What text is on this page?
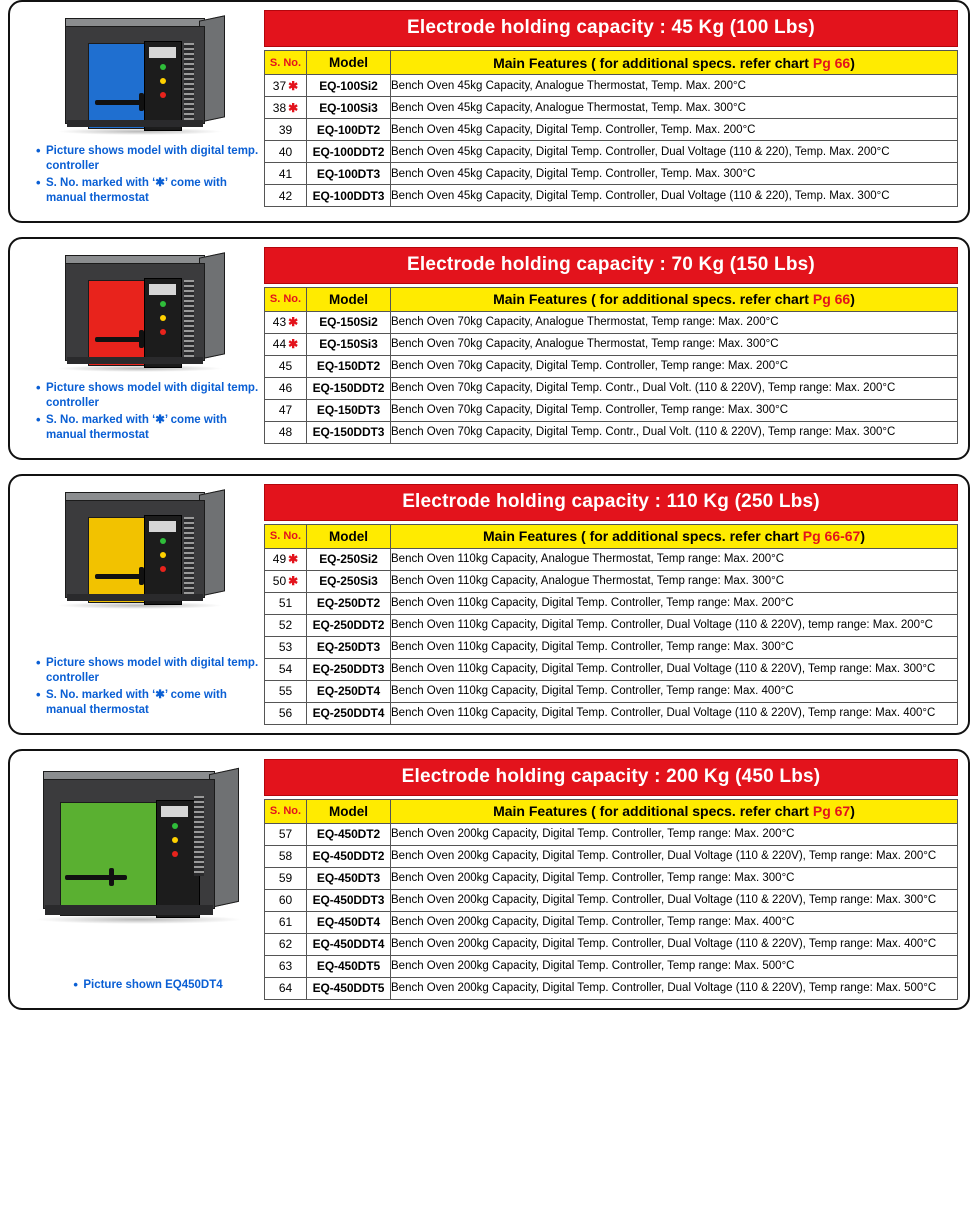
• Picture shows model with digital temp. controller
• S. No. marked with ‘✱’ come with manual thermostat
Electrode holding capacity : 45 Kg (100 Lbs)
S. No.	Model	Main Features ( for additional specs. refer chart Pg 66)
37 ✱	EQ-100Si2	Bench Oven 45kg Capacity, Analogue Thermostat, Temp. Max. 200°C
38 ✱	EQ-100Si3	Bench Oven 45kg Capacity, Analogue Thermostat, Temp. Max. 300°C
39	EQ-100DT2	Bench Oven 45kg Capacity, Digital Temp. Controller, Temp. Max. 200°C
40	EQ-100DDT2	Bench Oven 45kg Capacity, Digital Temp. Controller, Dual Voltage (110 & 220), Temp. Max. 200°C
41	EQ-100DT3	Bench Oven 45kg Capacity, Digital Temp. Controller, Temp. Max. 300°C
42	EQ-100DDT3	Bench Oven 45kg Capacity, Digital Temp. Controller, Dual Voltage (110 & 220), Temp. Max. 300°C
• Picture shows model with digital temp. controller
• S. No. marked with ‘✱’ come with manual thermostat
Electrode holding capacity : 70 Kg (150 Lbs)
S. No.	Model	Main Features ( for additional specs. refer chart Pg 66)
43 ✱	EQ-150Si2	Bench Oven 70kg Capacity, Analogue Thermostat, Temp range: Max. 200°C
44 ✱	EQ-150Si3	Bench Oven 70kg Capacity, Analogue Thermostat, Temp range: Max. 300°C
45	EQ-150DT2	Bench Oven 70kg Capacity, Digital Temp. Controller, Temp range: Max. 200°C
46	EQ-150DDT2	Bench Oven 70kg Capacity, Digital Temp. Contr., Dual Volt. (110 & 220V), Temp range: Max. 200°C
47	EQ-150DT3	Bench Oven 70kg Capacity, Digital Temp. Controller, Temp range: Max. 300°C
48	EQ-150DDT3	Bench Oven 70kg Capacity, Digital Temp. Contr., Dual Volt. (110 & 220V), Temp range: Max. 300°C
• Picture shows model with digital temp. controller
• S. No. marked with ‘✱’ come with manual thermostat
Electrode holding capacity : 110 Kg (250 Lbs)
S. No.	Model	Main Features ( for additional specs. refer chart Pg 66-67)
49 ✱	EQ-250Si2	Bench Oven 110kg Capacity, Analogue Thermostat, Temp range: Max. 200°C
50 ✱	EQ-250Si3	Bench Oven 110kg Capacity, Analogue Thermostat, Temp range: Max. 300°C
51	EQ-250DT2	Bench Oven 110kg Capacity, Digital Temp. Controller, Temp range: Max. 200°C
52	EQ-250DDT2	Bench Oven 110kg Capacity, Digital Temp. Controller, Dual Voltage (110 & 220V), temp range: Max. 200°C
53	EQ-250DT3	Bench Oven 110kg Capacity, Digital Temp. Controller, Temp range: Max. 300°C
54	EQ-250DDT3	Bench Oven 110kg Capacity, Digital Temp. Controller, Dual Voltage (110 & 220V), Temp range: Max. 300°C
55	EQ-250DT4	Bench Oven 110kg Capacity, Digital Temp. Controller, Temp range: Max. 400°C
56	EQ-250DDT4	Bench Oven 110kg Capacity, Digital Temp. Controller, Dual Voltage (110 & 220V), Temp range: Max. 400°C
• Picture shown EQ450DT4
Electrode holding capacity : 200 Kg (450 Lbs)
S. No.	Model	Main Features ( for additional specs. refer chart Pg 67)
57	EQ-450DT2	Bench Oven 200kg Capacity, Digital Temp. Controller, Temp range: Max. 200°C
58	EQ-450DDT2	Bench Oven 200kg Capacity, Digital Temp. Controller, Dual Voltage (110 & 220V), Temp range: Max. 200°C
59	EQ-450DT3	Bench Oven 200kg Capacity, Digital Temp. Controller, Temp range: Max. 300°C
60	EQ-450DDT3	Bench Oven 200kg Capacity, Digital Temp. Controller, Dual Voltage (110 & 220V), Temp range: Max. 300°C
61	EQ-450DT4	Bench Oven 200kg Capacity, Digital Temp. Controller, Temp range: Max. 400°C
62	EQ-450DDT4	Bench Oven 200kg Capacity, Digital Temp. Controller, Dual Voltage (110 & 220V), Temp range: Max. 400°C
63	EQ-450DT5	Bench Oven 200kg Capacity, Digital Temp. Controller, Temp range: Max. 500°C
64	EQ-450DDT5	Bench Oven 200kg Capacity, Digital Temp. Controller, Dual Voltage (110 & 220V), Temp range: Max. 500°C
